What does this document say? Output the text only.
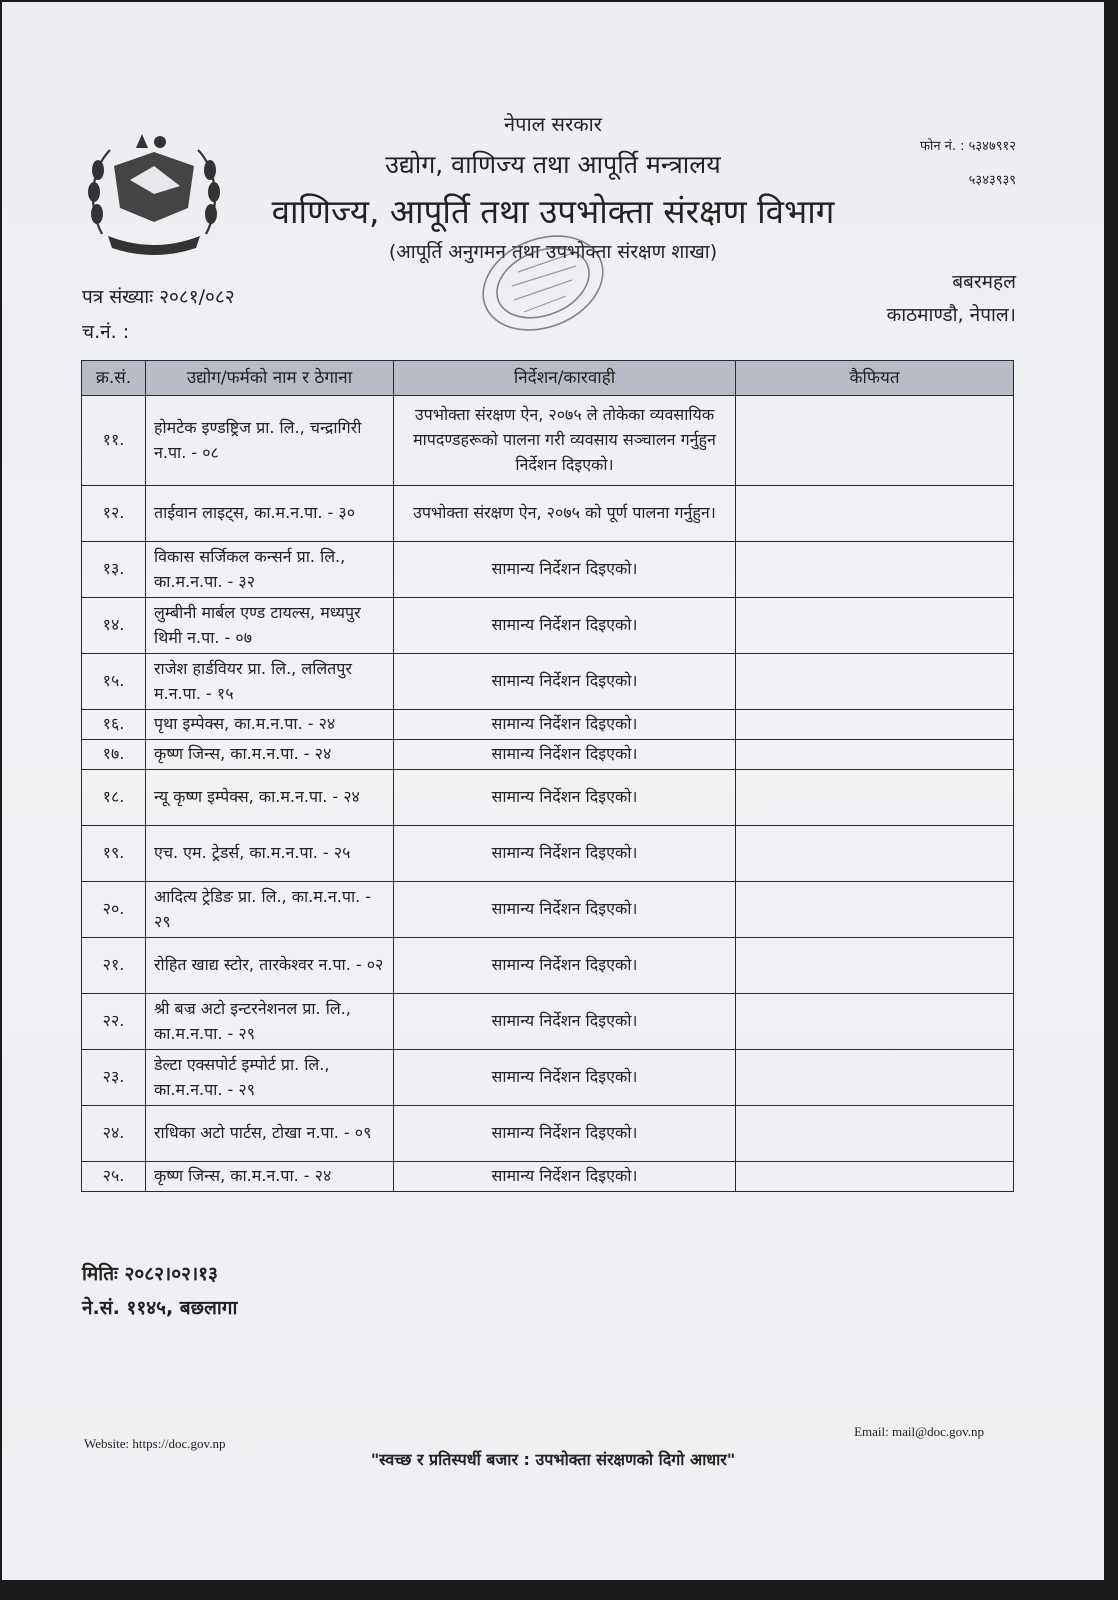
नेपाल सरकार
उद्योग, वाणिज्य तथा आपूर्ति मन्त्रालय
वाणिज्य, आपूर्ति तथा उपभोक्ता संरक्षण विभाग
(आपूर्ति अनुगमन तथा उपभोक्ता संरक्षण शाखा)
फोन नं. : ५३४७९१२
५३४३९३९
पत्र संख्याः २०८१/०८२
च.नं. :
बबरमहल
काठमाण्डौ, नेपाल।
क्र.सं.	उद्योग/फर्मको नाम र ठेगाना	निर्देशन/कारवाही	कैफियत
११.	होमटेक इण्डष्ट्रिज प्रा. लि., चन्द्रागिरी न.पा. - ०८	उपभोक्ता संरक्षण ऐन, २०७५ ले तोकेका व्यवसायिक मापदण्डहरूको पालना गरी व्यवसाय सञ्चालन गर्नुहुन निर्देशन दिइएको।	
१२.	ताईवान लाइट्स, का.म.न.पा. - ३०	उपभोक्ता संरक्षण ऐन, २०७५ को पूर्ण पालना गर्नुहुन।	
१३.	विकास सर्जिकल कन्सर्न प्रा. लि., का.म.न.पा. - ३२	सामान्य निर्देशन दिइएको।	
१४.	लुम्बीनी मार्बल एण्ड टायल्स, मध्यपुर थिमी न.पा. - ०७	सामान्य निर्देशन दिइएको।	
१५.	राजेश हार्डवियर प्रा. लि., ललितपुर म.न.पा. - १५	सामान्य निर्देशन दिइएको।	
१६.	पृथा इम्पेक्स, का.म.न.पा. - २४	सामान्य निर्देशन दिइएको।	
१७.	कृष्ण जिन्स, का.म.न.पा. - २४	सामान्य निर्देशन दिइएको।	
१८.	न्यू कृष्ण इम्पेक्स, का.म.न.पा. - २४	सामान्य निर्देशन दिइएको।	
१९.	एच. एम. ट्रेडर्स, का.म.न.पा. - २५	सामान्य निर्देशन दिइएको।	
२०.	आदित्य ट्रेडिङ प्रा. लि., का.म.न.पा. - २९	सामान्य निर्देशन दिइएको।	
२१.	रोहित खाद्य स्टोर, तारकेश्वर न.पा. - ०२	सामान्य निर्देशन दिइएको।	
२२.	श्री बज्र अटो इन्टरनेशनल प्रा. लि., का.म.न.पा. - २९	सामान्य निर्देशन दिइएको।	
२३.	डेल्टा एक्सपोर्ट इम्पोर्ट प्रा. लि., का.म.न.पा. - २९	सामान्य निर्देशन दिइएको।	
२४.	राधिका अटो पार्टस, टोखा न.पा. - ०९	सामान्य निर्देशन दिइएको।	
२५.	कृष्ण जिन्स, का.म.न.पा. - २४	सामान्य निर्देशन दिइएको।	
मितिः २०८२।०२।१३
ने.सं. ११४५, बछलागा
Website: https://doc.gov.np
Email: mail@doc.gov.np
"स्वच्छ र प्रतिस्पर्धी बजार : उपभोक्ता संरक्षणको दिगो आधार"
